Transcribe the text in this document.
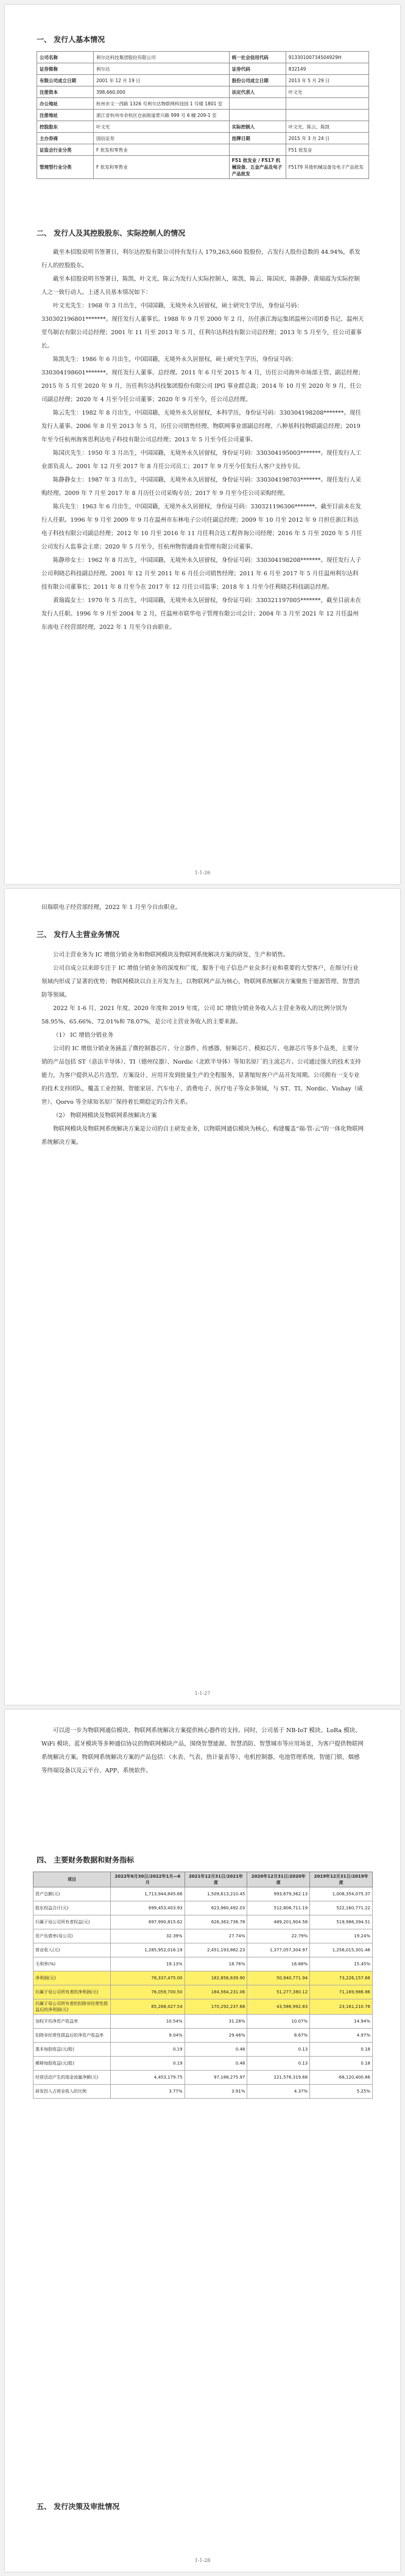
一、 发行人基本情况
公司名称	利尔达科技集团股份有限公司	统一社会信用代码	91330100734504929H
证券简称	利尔达	证券代码	832149
有限公司成立日期	2001 年 12 月 19 日	股份公司成立日期	2013 年 5 月 29 日
注册资本	398,660,000	法定代表人	叶文光
办公地址	杭州市文一西路 1326 号利尔达物联网科技园 1 号楼 1801 室		
注册地址	浙江省杭州市余杭区仓前街道景兴路 999 号 6 幢 209-1 室		
控股股东	叶文光	实际控制人	叶文光、陈云、陈凯
主办券商	国信证券	挂牌日期	2015 年 3 月 24 日
证监会行业分类	F 批发和零售业		F51 批发业
管理型行业分类	F 批发和零售业	F51 批发业 / F517 机械设备、五金产品及电子产品批发	F5179 其他机械设备及电子产品批发
二、 发行人及其控股股东、实际控制人的情况

截至本招股说明书签署日，利尔达控股有限公司持有发行人 179,263,660 股股份，占发行人股份总数的 44.94%，系发行人的控股股东。

截至本招股说明书签署日，陈凯、叶文光、陈云为发行人实际控制人，陈凯、陈云、陈国庆、陈静静、黄瑞霞为实际控制人之一致行动人。上述人员基本情况如下：

叶文光先生：1968 年 3 月出生，中国国籍，无境外永久居留权，硕士研究生学历，身份证号码：330302196801*******。现任发行人董事长。1988 年 9 月至 2000 年 2 月，历任浙江海运集团温州公司团委书记、温州天堂鸟制衣有限公司总经理；2001 年 11 月至 2013 年 5 月，任利尔达科技有限公司总经理；2013 年 5 月至今，任公司董事长。

陈凯先生：1986 年 6 月出生，中国国籍，无境外永久居留权，硕士研究生学历，身份证号码：330304198601*******。现任发行人董事、总经理。2011 年 6 月至 2015 年 4 月，历任公司海外市场部主管、副总经理；2015 年 5 月至 2020 年 9 月，历任利尔达科技集团股份有限公司 IPG 事业群总裁；2014 年 10 月至 2020 年 9 月，任公司副总经理；2020 年 4 月至今任公司董事；2020 年 9 月至今，任公司总经理。

陈云先生：1982 年 8 月出生，中国国籍，无境外永久居留权，本科学历，身份证号码：330304198208*******。现任发行人董事。2006 年 8 月至 2013 年 5 月，历任公司销售经理、物联网事业部副总经理、八种基科技物联副总经理；2019 年至今任杭州海客思利达电子科技有限公司总经理；2013 年 5 月至今任公司董事。

陈国庆先生：1950 年 3 月出生，中国国籍，无境外永久居留权，身份证号码：330304195003*******。现任发行人工业部负责人。2001 年 12 月至 2017 年 8 月任公司员工；2017 年 9 月至今任发行人客户支持专员。

陈静静女士：1987 年 3 月出生，中国国籍，无境外永久居留权，身份证号码：330304198703*******。现任发行人采购经理。2009 年 7 月至 2017 年 8 月历任公司采购专员；2017 年 9 月至今任公司采购经理。

陈兵先生：1963 年 6 月出生，中国国籍，无境外永久居留权，身份证号码：330321196306*******。截至目前未在发行人任职。1996 年 9 月至 2009 年 9 月在温州市东林电子公司任副总经理；2009 年 10 月至 2012 年 9 月担任浙江科达电子科技有限公司副总经理；2012 年 10 月至 2016 年 11 月任利合达工程咨询公司经理；2016 年 5 月至 2020 年 5 月任公司发行人监事会主席；2020 年 5 月至今，任杭州物智通商业管理有限公司董事。

陈静珍女士：1962 年 8 月出生，中国国籍，无境外永久居留权，身份证号码：330304198208*******。现任发行人子公司利晓芯科技副总经理。2001 年 12 月至 2011 年 6 月任公司销售经理；2011 年 6 月至 2017 年 5 月任温州利尔达科技有限公司董事长；2011 年 8 月至今在 2017 年 12 月任公司监事；2018 年 1 月至今任利晓芯科技副总经理。

黄瑞霞女士：1970 年 5 月出生，中国国籍，无境外永久居留权，身份证号码：330321197005*******，截至目前未在发行人任职。1996 年 9 月至 2004 年 2 月，任温州市联华电子管理有限公司会计；2004 年 3 月至 2021 年 12 月任温州东南电子经营部经理，2022 年 1 月至今自由职业。

1-1-26

田瑞联电子经营部经理，2022 年 1 月至今自由职业。

三、 发行人主营业务情况

公司主营业务为 IC 增值分销业务和物联网模块及物联网系统解决方案的研发、生产和销售。

公司自成立以来即专注于 IC 增值分销业务的深度和广度，服务于电子信息产业众多行业和重要的大型客户，在细分行业领域内形成了显著的优势；物联网模块以自主开发为主，以物联网产品为核心，物联网系统解决方案聚焦于能源管理、智慧消防等领域。

2022 年 1-6 月、2021 年度、2020 年度和 2019 年度，公司 IC 增值分销业务收入占主营业务收入的比例分别为 58.95%、65.66%、72.01%和 78.07%，是公司主营业务收入的主要来源。

（1） IC 增值分销业务

公司的 IC 增值分销业务涵盖了微控制器芯片、分立器件、传感器、射频芯片、模拟芯片、电源芯片等多个品类，主要分销的产品包括 ST（意法半导体）、TI（德州仪器）、Nordic（北欧半导体）等知名原厂的主流芯片。公司通过强大的技术支持能力，为客户提供从芯片选型、方案设计、应用开发到批量生产的全程服务，显著缩短客户产品开发周期。公司拥有一支专业的技术支持团队，覆盖工业控制、智能家居、汽车电子、消费电子、医疗电子等众多领域，与 ST、TI、Nordic、Vishay（威世）、Qorvo 等全球知名原厂保持着长期稳定的合作关系。

（2） 物联网模块及物联网系统解决方案

物联网模块及物联网系统解决方案是公司的自主研发业务，以物联网通信模块为核心，构建覆盖“端-管-云”的一体化物联网系统解决方案。

1-1-27

可以进一步为物联网通信模块、物联网系统解决方案提供核心器件的支持。同时，公司基于 NB-IoT 模块、LoRa 模块、WiFi 模块、蓝牙模块等多种通信协议的物联网模块产品，围绕智慧能源、智慧消防、智慧城市等应用场景，为客户提供物联网系统解决方案。物联网系统解决方案的产品包括：（水表、气表、热计量表等）、电机控制器、电池管理系统、智能门锁、烟感等终端设备以及云平台、APP、系统软件。

四、 主要财务数据和财务指标
项目	2022年6月30日/2022年1月—6月	2021年12月31日/2021年度	2020年12月31日/2020年度	2019年12月31日/2019年度
资产总额(元)	1,713,944,845.66	1,509,613,210.45	993,679,362.13	1,008,354,075.37
股东权益合计(元)	699,453,403.93	623,960,492.03	512,806,711.19	522,160,771.22
归属于母公司所有者权益(元)	697,990,815.62	626,363,736.78	489,201,904.58	519,986,394.51
资产负债率(母公司)	32.39%	27.74%	22.79%	19.24%
营业收入(元)	1,285,952,016.19	2,451,193,862.23	1,377,057,304.97	1,256,015,301.46
毛利率(%)	19.13%	18.76%	16.88%	15.45%
净利润(元)	78,337,475.00	182,856,639.90	50,940,771.94	73,226,157.66
归属于母公司所有者的净利润(元)	76,059,700.50	184,564,231.06	51,277,380.12	71,169,986.86
归属于母公司所有者的扣除非经常性损益后的净利润(元)	65,288,427.54	170,292,237.68	43,586,992.83	23,161,210.76
加权平均净资产收益率	10.54%	31.28%	10.07%	14.94%
扣除非经常性损益后的净资产收益率	9.04%	29.46%	8.67%	4.97%
基本每股收益(元/股)	0.19	0.48	0.13	0.18
稀释每股收益(元/股)	0.19	0.48	0.13	0.18
经营活动产生的现金流量净额(元)	4,453,179.75	97,188,275.97	221,576,319.68	-68,120,400.66
研发投入占营业收入的比例	3.77%	3.91%	4.37%	5.25%
五、 发行决策及审批情况
1-1-28
